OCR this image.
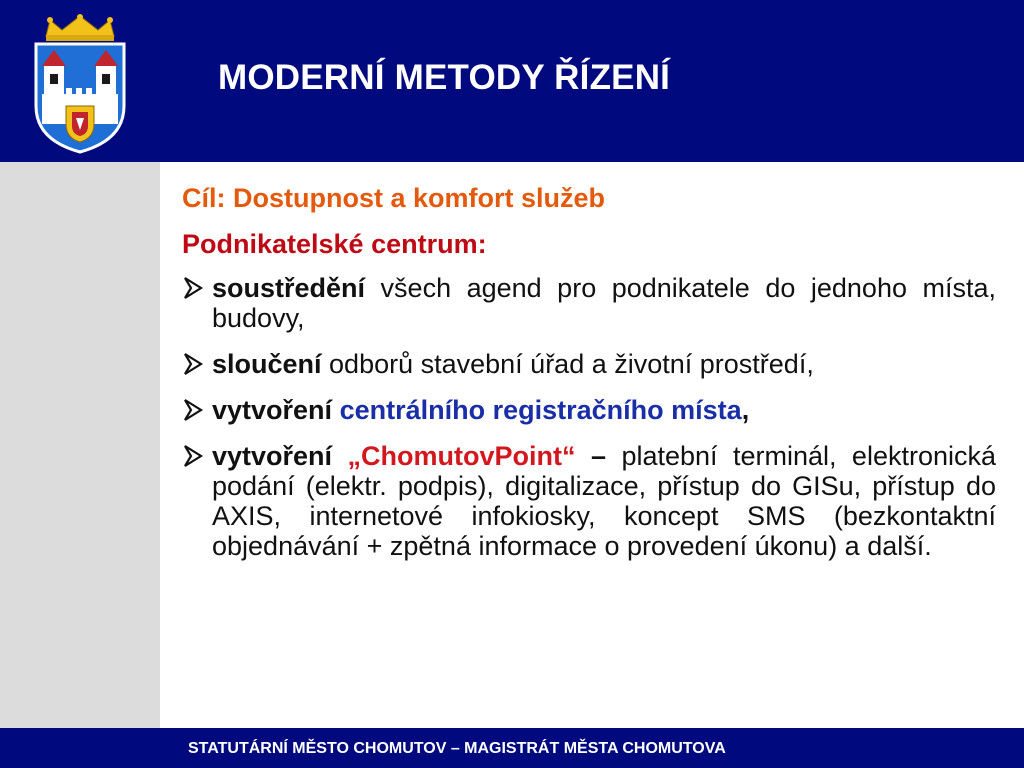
MODERNÍ METODY ŘÍZENÍ
Cíl: Dostupnost a komfort služeb
Podnikatelské centrum:
soustředění všech agend pro podnikatele do jednoho místa, budovy,
sloučení odborů stavební úřad a životní prostředí,
vytvoření centrálního registračního místa,
vytvoření „ChomutovPoint“ – platební terminál, elektronická podání (elektr. podpis), digitalizace, přístup do GISu, přístup do AXIS, internetové infokiosky, koncept SMS (bezkontaktní objednávání + zpětná informace o provedení úkonu) a další.
STATUTÁRNÍ MĚSTO CHOMUTOV – MAGISTRÁT MĚSTA CHOMUTOVA
